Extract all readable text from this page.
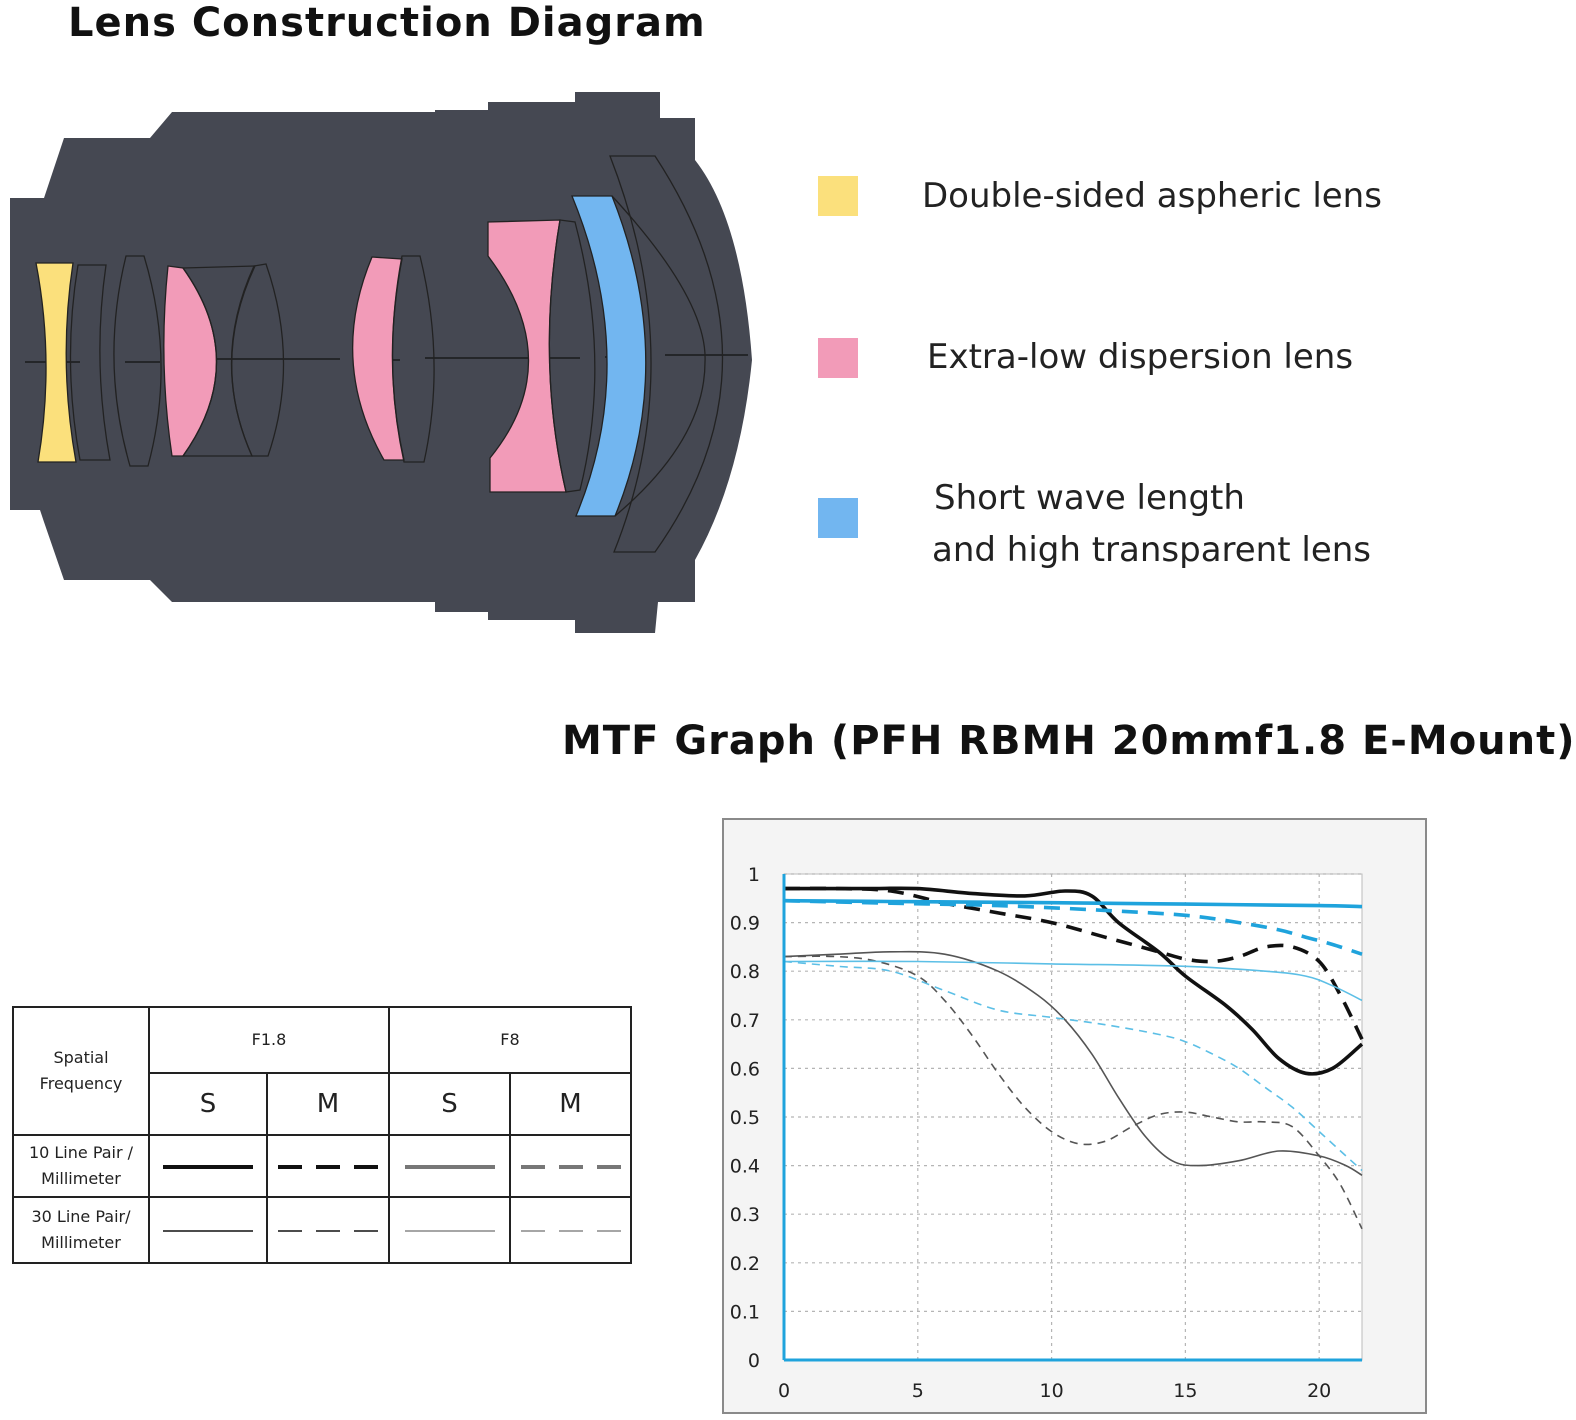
Lens Construction Diagram
Double-sided aspheric lens
Extra-low dispersion lens
Short wave length
and high transparent lens
MTF Graph (PFH RBMH 20mmf1.8 E-Mount)
Spatial Frequency	F1.8		F8	
	S	M	S	M
10 Line Pair / Millimeter				
30 Line Pair/ Millimeter				
0
0.1
0.2
0.3
0.4
0.5
0.6
0.7
0.8
0.9
1
0	5	10	15	20
